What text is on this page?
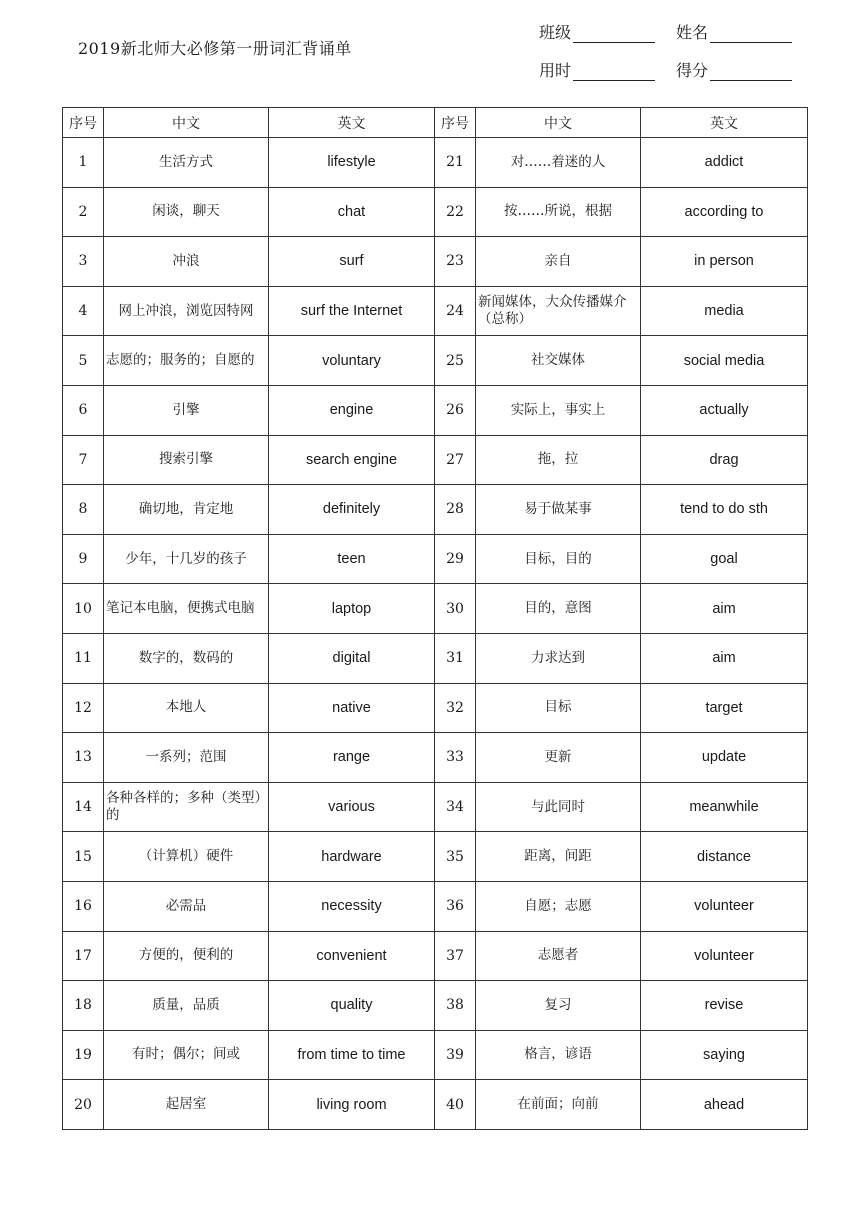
2019新北师大必修第一册词汇背诵单
班级	姓名
用时	得分
序号	中文	英文	序号	中文	英文
1	生活方式	lifestyle	21	对……着迷的人	addict
2	闲谈，聊天	chat	22	按……所说，根据	according to
3	冲浪	surf	23	亲自	in person
4	网上冲浪，浏览因特网	surf the Internet	24	新闻媒体，大众传播媒介（总称）	media
5	志愿的；服务的；自愿的	voluntary	25	社交媒体	social media
6	引擎	engine	26	实际上，事实上	actually
7	搜索引擎	search engine	27	拖，拉	drag
8	确切地，肯定地	definitely	28	易于做某事	tend to do sth
9	少年，十几岁的孩子	teen	29	目标，目的	goal
10	笔记本电脑，便携式电脑	laptop	30	目的，意图	aim
11	数字的，数码的	digital	31	力求达到	aim
12	本地人	native	32	目标	target
13	一系列；范围	range	33	更新	update
14	各种各样的；多种（类型）的	various	34	与此同时	meanwhile
15	（计算机）硬件	hardware	35	距离，间距	distance
16	必需品	necessity	36	自愿；志愿	volunteer
17	方便的，便利的	convenient	37	志愿者	volunteer
18	质量，品质	quality	38	复习	revise
19	有时；偶尔；间或	from time to time	39	格言，谚语	saying
20	起居室	living room	40	在前面；向前	ahead
